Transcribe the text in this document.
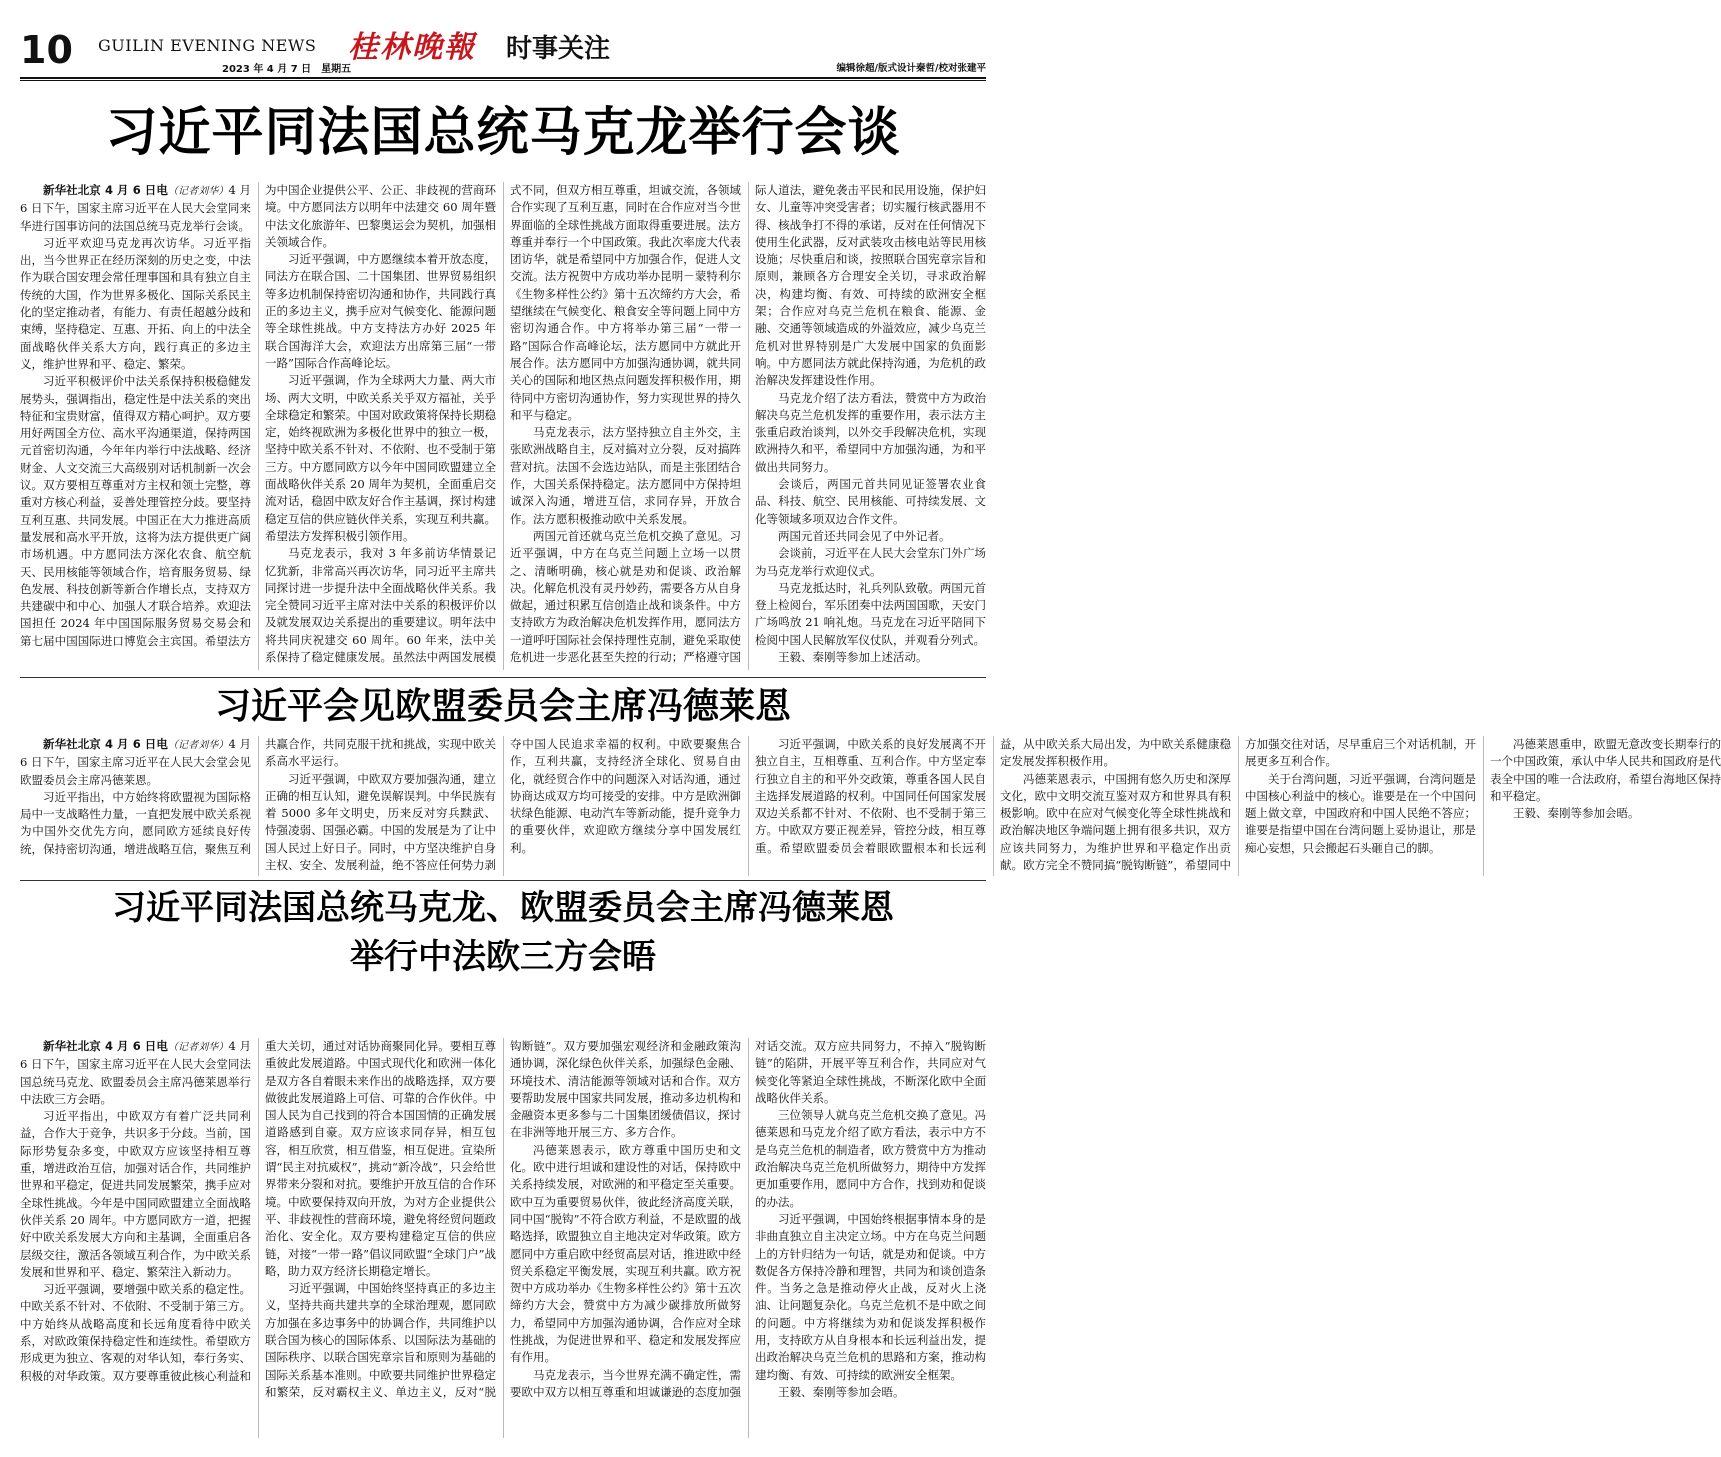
10 GUILIN EVENING NEWS
2023 年 4 月 7 日　星期五
桂林晚報 时事关注
编辑徐超/版式设计秦哲/校对张建平
习近平同法国总统马克龙举行会谈

新华社北京 4 月 6 日电（记者刘华）4 月 6 日下午，国家主席习近平在人民大会堂同来华进行国事访问的法国总统马克龙举行会谈。

习近平欢迎马克龙再次访华。习近平指出，当今世界正在经历深刻的历史之变，中法作为联合国安理会常任理事国和具有独立自主传统的大国，作为世界多极化、国际关系民主化的坚定推动者，有能力、有责任超越分歧和束缚，坚持稳定、互惠、开拓、向上的中法全面战略伙伴关系大方向，践行真正的多边主义，维护世界和平、稳定、繁荣。

习近平积极评价中法关系保持积极稳健发展势头，强调指出，稳定性是中法关系的突出特征和宝贵财富，值得双方精心呵护。双方要用好两国全方位、高水平沟通渠道，保持两国元首密切沟通，今年年内举行中法战略、经济财金、人文交流三大高级别对话机制新一次会议。双方要相互尊重对方主权和领土完整，尊重对方核心利益，妥善处理管控分歧。要坚持互利互惠、共同发展。中国正在大力推进高质量发展和高水平开放，这将为法方提供更广阔市场机遇。中方愿同法方深化农食、航空航天、民用核能等领域合作，培育服务贸易、绿色发展、科技创新等新合作增长点，支持双方共建碳中和中心、加强人才联合培养。欢迎法国担任 2024 年中国国际服务贸易交易会和第七届中国国际进口博览会主宾国。希望法方为中国企业提供公平、公正、非歧视的营商环境。中方愿同法方以明年中法建交 60 周年暨中法文化旅游年、巴黎奥运会为契机，加强相关领域合作。

习近平强调，中方愿继续本着开放态度，同法方在联合国、二十国集团、世界贸易组织等多边机制保持密切沟通和协作，共同践行真正的多边主义，携手应对气候变化、能源问题等全球性挑战。中方支持法方办好 2025 年联合国海洋大会，欢迎法方出席第三届“一带一路”国际合作高峰论坛。

习近平强调，作为全球两大力量、两大市场、两大文明，中欧关系关乎双方福祉，关乎全球稳定和繁荣。中国对欧政策将保持长期稳定，始终视欧洲为多极化世界中的独立一极，坚持中欧关系不针对、不依附、也不受制于第三方。中方愿同欧方以今年中国同欧盟建立全面战略伙伴关系 20 周年为契机，全面重启交流对话，稳固中欧友好合作主基调，探讨构建稳定互信的供应链伙伴关系，实现互利共赢。希望法方发挥积极引领作用。

马克龙表示，我对 3 年多前访华情景记忆犹新，非常高兴再次访华，同习近平主席共同探讨进一步提升法中全面战略伙伴关系。我完全赞同习近平主席对法中关系的积极评价以及就发展双边关系提出的重要建议。明年法中将共同庆祝建交 60 周年。60 年来，法中关系保持了稳定健康发展。虽然法中两国发展模式不同，但双方相互尊重，坦诚交流，各领域合作实现了互利互惠，同时在合作应对当今世界面临的全球性挑战方面取得重要进展。法方尊重并奉行一个中国政策。我此次率庞大代表团访华，就是希望同中方加强合作，促进人文交流。法方祝贺中方成功举办昆明－蒙特利尔《生物多样性公约》第十五次缔约方大会，希望继续在气候变化、粮食安全等问题上同中方密切沟通合作。中方将举办第三届“一带一路”国际合作高峰论坛，法方愿同中方就此开展合作。法方愿同中方加强沟通协调，就共同关心的国际和地区热点问题发挥积极作用，期待同中方密切沟通协作，努力实现世界的持久和平与稳定。

马克龙表示，法方坚持独立自主外交，主张欧洲战略自主，反对搞对立分裂，反对搞阵营对抗。法国不会选边站队，而是主张团结合作，大国关系保持稳定。法方愿同中方保持坦诚深入沟通，增进互信，求同存异，开放合作。法方愿积极推动欧中关系发展。

两国元首还就乌克兰危机交换了意见。习近平强调，中方在乌克兰问题上立场一以贯之、清晰明确，核心就是劝和促谈、政治解决。化解危机没有灵丹妙药，需要各方从自身做起，通过积累互信创造止战和谈条件。中方支持欧方为政治解决危机发挥作用，愿同法方一道呼吁国际社会保持理性克制，避免采取使危机进一步恶化甚至失控的行动；严格遵守国际人道法，避免袭击平民和民用设施，保护妇女、儿童等冲突受害者；切实履行核武器用不得、核战争打不得的承诺，反对在任何情况下使用生化武器，反对武装攻击核电站等民用核设施；尽快重启和谈，按照联合国宪章宗旨和原则，兼顾各方合理安全关切，寻求政治解决，构建均衡、有效、可持续的欧洲安全框架；合作应对乌克兰危机在粮食、能源、金融、交通等领域造成的外溢效应，减少乌克兰危机对世界特别是广大发展中国家的负面影响。中方愿同法方就此保持沟通，为危机的政治解决发挥建设性作用。

马克龙介绍了法方看法，赞赏中方为政治解决乌克兰危机发挥的重要作用，表示法方主张重启政治谈判，以外交手段解决危机，实现欧洲持久和平，希望同中方加强沟通，为和平做出共同努力。

会谈后，两国元首共同见证签署农业食品、科技、航空、民用核能、可持续发展、文化等领域多项双边合作文件。

两国元首还共同会见了中外记者。

会谈前，习近平在人民大会堂东门外广场为马克龙举行欢迎仪式。

马克龙抵达时，礼兵列队致敬。两国元首登上检阅台，军乐团奏中法两国国歌，天安门广场鸣放 21 响礼炮。马克龙在习近平陪同下检阅中国人民解放军仪仗队，并观看分列式。

王毅、秦刚等参加上述活动。

习近平会见欧盟委员会主席冯德莱恩

新华社北京 4 月 6 日电（记者刘华）4 月 6 日下午，国家主席习近平在人民大会堂会见欧盟委员会主席冯德莱恩。

习近平指出，中方始终将欧盟视为国际格局中一支战略性力量，一直把发展中欧关系视为中国外交优先方向，愿同欧方延续良好传统，保持密切沟通，增进战略互信，聚焦互利共赢合作，共同克服干扰和挑战，实现中欧关系高水平运行。

习近平强调，中欧双方要加强沟通，建立正确的相互认知，避免误解误判。中华民族有着 5000 多年文明史，历来反对穷兵黩武、恃强凌弱、国强必霸。中国的发展是为了让中国人民过上好日子。同时，中方坚决维护自身主权、安全、发展利益，绝不答应任何势力剥夺中国人民追求幸福的权利。中欧要聚焦合作，互利共赢，支持经济全球化、贸易自由化，就经贸合作中的问题深入对话沟通，通过协商达成双方均可接受的安排。中方是欧洲御状绿色能源、电动汽车等新动能，提升竞争力的重要伙伴，欢迎欧方继续分享中国发展红利。

习近平强调，中欧关系的良好发展离不开独立自主，互相尊重、互利合作。中方坚定奉行独立自主的和平外交政策，尊重各国人民自主选择发展道路的权利。中国同任何国家发展双边关系都不针对、不依附、也不受制于第三方。中欧双方要正视差异，管控分歧，相互尊重。希望欧盟委员会着眼欧盟根本和长远利益，从中欧关系大局出发，为中欧关系健康稳定发展发挥积极作用。

冯德莱恩表示，中国拥有悠久历史和深厚文化，欧中文明交流互鉴对双方和世界具有积极影响。欧中在应对气候变化等全球性挑战和政治解决地区争端问题上拥有很多共识，双方应该共同努力，为维护世界和平稳定作出贡献。欧方完全不赞同搞“脱钩断链”，希望同中方加强交往对话，尽早重启三个对话机制，开展更多互利合作。

关于台湾问题，习近平强调，台湾问题是中国核心利益中的核心。谁要是在一个中国问题上做文章，中国政府和中国人民绝不答应；谁要是指望中国在台湾问题上妥协退让，那是痴心妄想，只会搬起石头砸自己的脚。

冯德莱恩重申，欧盟无意改变长期奉行的一个中国政策，承认中华人民共和国政府是代表全中国的唯一合法政府，希望台海地区保持和平稳定。

王毅、秦刚等参加会晤。

习近平同法国总统马克龙、欧盟委员会主席冯德莱恩
举行中法欧三方会晤

新华社北京 4 月 6 日电（记者刘华）4 月 6 日下午，国家主席习近平在人民大会堂同法国总统马克龙、欧盟委员会主席冯德莱恩举行中法欧三方会晤。

习近平指出，中欧双方有着广泛共同利益，合作大于竞争，共识多于分歧。当前，国际形势复杂多变，中欧双方应该坚持相互尊重，增进政治互信，加强对话合作，共同维护世界和平稳定，促进共同发展繁荣，携手应对全球性挑战。今年是中国同欧盟建立全面战略伙伴关系 20 周年。中方愿同欧方一道，把握好中欧关系发展大方向和主基调，全面重启各层级交往，激活各领域互利合作，为中欧关系发展和世界和平、稳定、繁荣注入新动力。

习近平强调，要增强中欧关系的稳定性。中欧关系不针对、不依附、不受制于第三方。中方始终从战略高度和长远角度看待中欧关系，对欧政策保持稳定性和连续性。希望欧方形成更为独立、客观的对华认知，奉行务实、积极的对华政策。双方要尊重彼此核心利益和重大关切，通过对话协商聚同化异。要相互尊重彼此发展道路。中国式现代化和欧洲一体化是双方各自着眼未来作出的战略选择，双方要做彼此发展道路上可信、可靠的合作伙伴。中国人民为自己找到的符合本国国情的正确发展道路感到自豪。双方应该求同存异，相互包容，相互欣赏，相互借鉴，相互促进。宣染所谓“民主对抗威权”，挑动“新冷战”，只会给世界带来分裂和对抗。要维护开放互信的合作环境。中欧要保持双向开放，为对方企业提供公平、非歧视性的营商环境，避免将经贸问题政治化、安全化。双方要构建稳定互信的供应链，对接“一带一路”倡议同欧盟“全球门户”战略，助力双方经济长期稳定增长。

习近平强调，中国始终坚持真正的多边主义，坚持共商共建共享的全球治理观，愿同欧方加强在多边事务中的协调合作，共同维护以联合国为核心的国际体系、以国际法为基础的国际秩序、以联合国宪章宗旨和原则为基础的国际关系基本准则。中欧要共同维护世界稳定和繁荣，反对霸权主义、单边主义，反对“脱钩断链”。双方要加强宏观经济和金融政策沟通协调，深化绿色伙伴关系，加强绿色金融、环境技术、清洁能源等领域对话和合作。双方要帮助发展中国家共同发展，推动多边机构和金融资本更多参与二十国集团缓债倡议，探讨在非洲等地开展三方、多方合作。

冯德莱恩表示，欧方尊重中国历史和文化。欧中进行坦诚和建设性的对话，保持欧中关系持续发展，对欧洲的和平稳定至关重要。欧中互为重要贸易伙伴，彼此经济高度关联，同中国“脱钩”不符合欧方利益，不是欧盟的战略选择，欧盟独立自主地决定对华政策。欧方愿同中方重启欧中经贸高层对话，推进欧中经贸关系稳定平衡发展，实现互利共赢。欧方祝贺中方成功举办《生物多样性公约》第十五次缔约方大会，赞赏中方为减少碳排放所做努力，希望同中方加强沟通协调，合作应对全球性挑战，为促进世界和平、稳定和发展发挥应有作用。

马克龙表示，当今世界充满不确定性，需要欧中双方以相互尊重和坦诚谦逊的态度加强对话交流。双方应共同努力，不掉入“脱钩断链”的陷阱，开展平等互利合作，共同应对气候变化等紧迫全球性挑战，不断深化欧中全面战略伙伴关系。

三位领导人就乌克兰危机交换了意见。冯德莱恩和马克龙介绍了欧方看法，表示中方不是乌克兰危机的制造者，欧方赞赏中方为推动政治解决乌克兰危机所做努力，期待中方发挥更加重要作用，愿同中方合作，找到劝和促谈的办法。

习近平强调，中国始终根据事情本身的是非曲直独立自主决定立场。中方在乌克兰问题上的方针归结为一句话，就是劝和促谈。中方数促各方保持冷静和理智，共同为和谈创造条件。当务之急是推动停火止战，反对火上浇油、让问题复杂化。乌克兰危机不是中欧之间的问题。中方将继续为劝和促谈发挥积极作用，支持欧方从自身根本和长远利益出发，提出政治解决乌克兰危机的思路和方案，推动构建均衡、有效、可持续的欧洲安全框架。

王毅、秦刚等参加会晤。
